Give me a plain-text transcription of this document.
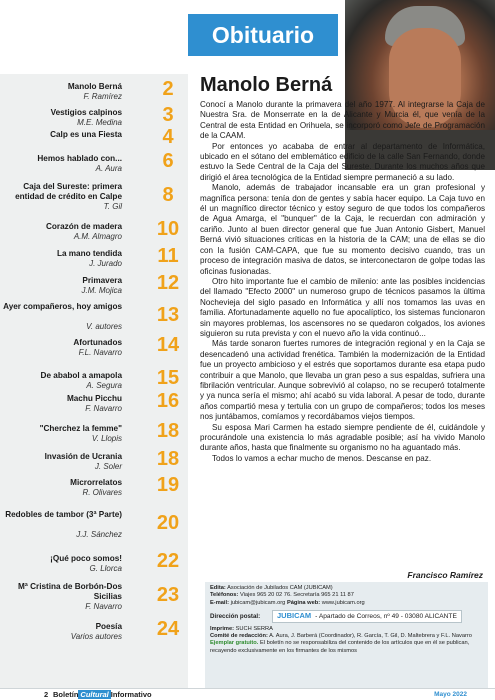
Obituario
Manolo Berná
F. Ramírez	2
Vestigios calpinos
M.E. Medina	3
Calp es una Fiesta	4
Hemos hablado con...
A. Aura	6
Caja del Sureste: primera entidad de crédito en Calpe
T. Gil
8
Corazón de madera
A.M. Almagro	10
La mano tendida
J. Jurado	11
Primavera
J.M. Mojica	12
Ayer compañeros, hoy amigos
V. autores
13
Afortunados
F.L. Navarro	14
De ababol a amapola
A. Segura	15
Machu Picchu
F. Navarro	16
"Cherchez la femme"
V. Llopis	18
Invasión de Ucrania
J. Soler	18
Microrrelatos
R. Olivares	19
Redobles de tambor (3ª Parte)
J.J. Sánchez
20
¡Qué poco somos!
G. Llorca	22
Mª Cristina de Borbón-Dos Sicilias
F. Navarro
23
Poesía
Varios autores	24
Manolo Berná

Conocí a Manolo durante la primavera del año 1977. Al integrarse la Caja de Nuestra Sra. de Monserrate en la de Alicante y Murcia él, que venía de la Central de esta Entidad en Orihuela, se incorporó como Jefe de Programación de la CAAM.

Por entonces yo acababa de entrar al departamento de Informática, ubicado en el sótano del emblemático edificio de la calle San Fernando, donde estuvo la Sede Central de la Caja del Sureste. Durante los muchos años que dirigió el área tecnológica de la Entidad siempre permaneció a su lado.

Manolo, además de trabajador incansable era un gran profesional y magnífica persona: tenía don de gentes y sabía hacer equipo. La Caja tuvo en él un magnífico director técnico y estoy seguro de que todos los compañeros de Agua Amarga, el "bunquer" de la Caja, le recuerdan con admiración y cariño. Junto al buen director general que fue Juan Antonio Gisbert, Manuel Berná vivió situaciones críticas en la historia de la CAM; una de ellas se dio con la fusión CAM-CAPA, que fue su momento decisivo cuando, tras un proceso de integración masiva de datos, se interconectaron de golpe todas las oficinas fusionadas.

Otro hito importante fue el cambio de milenio: ante las posibles incidencias del llamado "Efecto 2000" un numeroso grupo de técnicos pasamos la última Nochevieja del siglo pasado en Informática y allí nos tomamos las uvas en familia. Afortunadamente aquello no fue apocalíptico, los sistemas funcionaron sin mayores problemas, los ascensores no se quedaron colgados, los aviones siguieron su ruta prevista y con el nuevo año la vida continuó...

Más tarde sonaron fuertes rumores de integración regional y en la Caja se desencadenó una actividad frenética. También la modernización de la Entidad fue un proyecto ambicioso y el estrés que soportamos durante esa etapa pudo contribuir a que Manolo, que llevaba un gran peso a sus espaldas, sufriera una fibrilación ventricular. Aunque sobrevivió al colapso, no se recuperó totalmente y ya nunca sería el mismo; ahí acabó su vida laboral. A pesar de todo, durante años compartió mesa y tertulia con un grupo de compañeros; todos los meses nos juntábamos, comíamos y recordábamos viejos tiempos.

Su esposa Mari Carmen ha estado siempre pendiente de él, cuidándole y procurándole una existencia lo más agradable posible; así ha vivido Manolo durante años, hasta que finalmente su organismo no ha aguantado más.

Todos lo vamos a echar mucho de menos. Descanse en paz.

Francisco Ramírez
Edita: Asociación de Jubilados CAM (JUBICAM)
Teléfonos: Viajes 965 20 02 76. Secretaría 965 21 11 87
E-mail: jubicam@jubicam.org Página web: www.jubicam.org
Dirección postal:	JUBICAM - Apartado de Correos, nº 49 - 03080 ALICANTE
Imprime: SUCH SERRA
Comité de redacción: A. Aura, J. Barberá (Coordinador), R. García, T. Gil, D. Maltebrera y F.L. Navarro
Ejemplar gratuito. El boletín no se responsabiliza del contenido de los artículos que en él se publican, recayendo exclusivamente en los firmantes de los mismos
2 Boletín Cultural Informativo	Mayo 2022
